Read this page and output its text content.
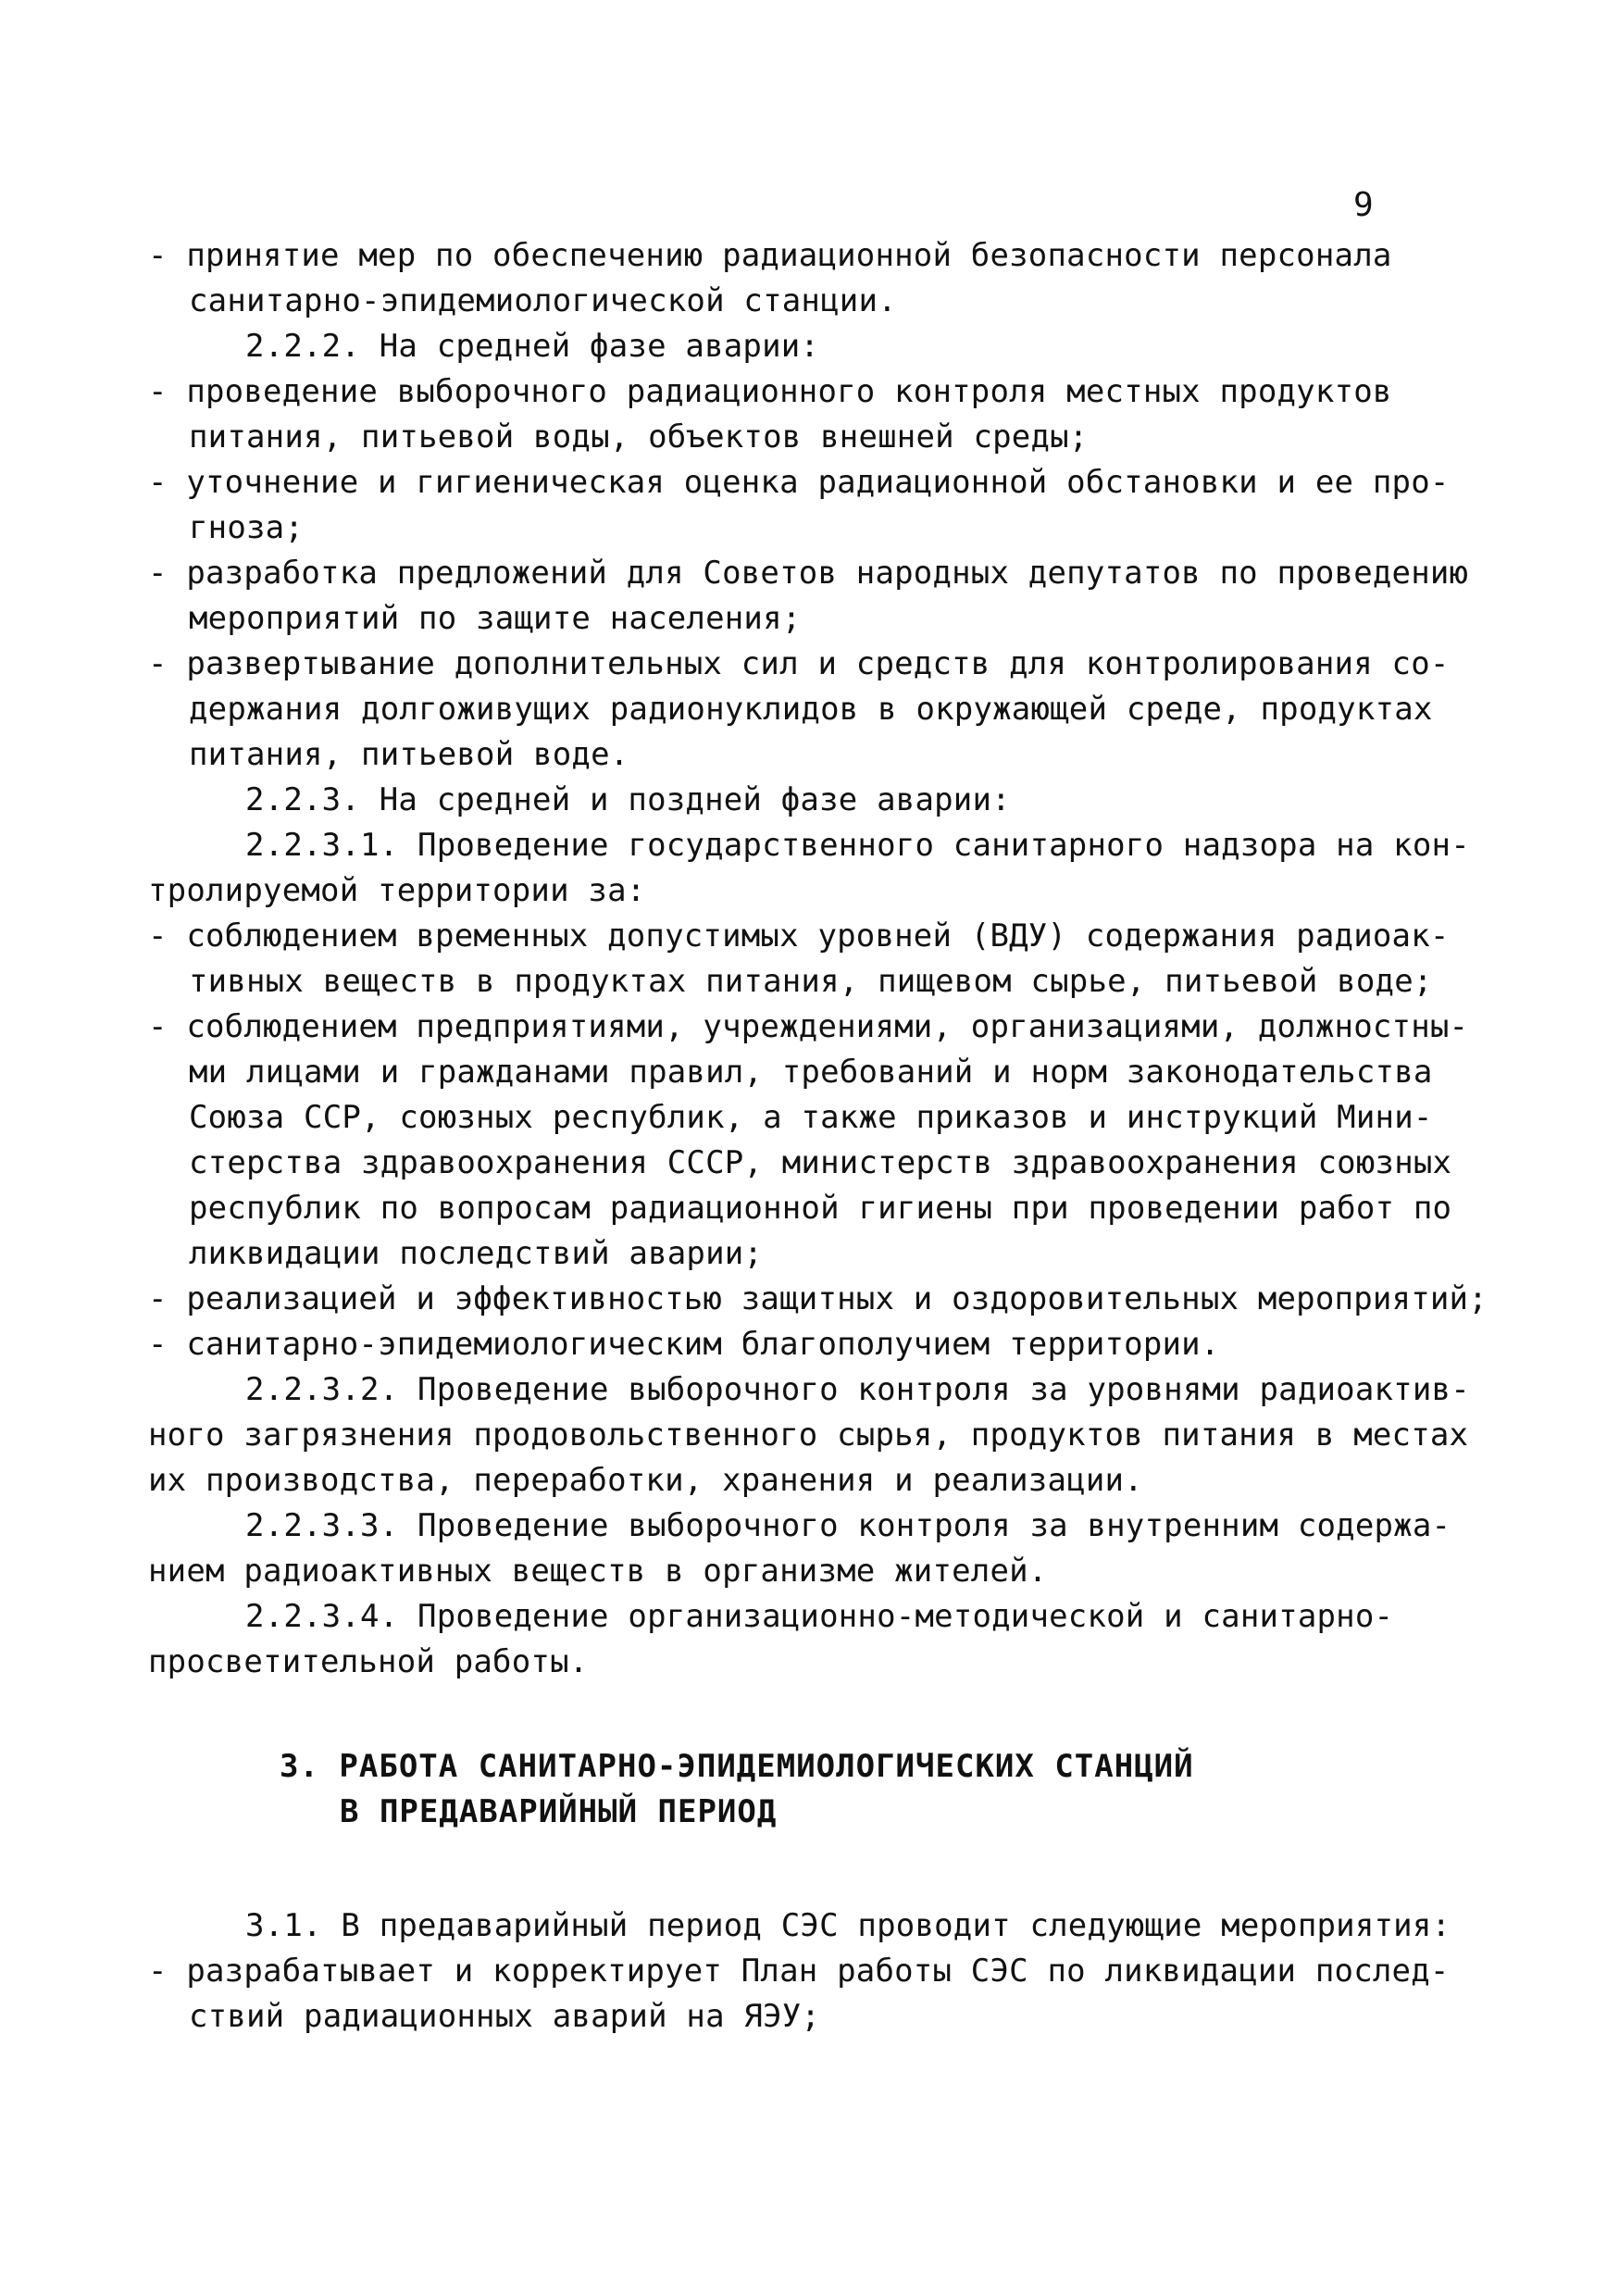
9
- принятие мер по обеспечению радиационной безопасности персонала
санитарно-эпидемиологической станции.
2.2.2. На средней фазе аварии:
- проведение выборочного радиационного контроля местных продуктов
питания, питьевой воды, объектов внешней среды;
- уточнение и гигиеническая оценка радиационной обстановки и ее про-
гноза;
- разработка предложений для Советов народных депутатов по проведению
мероприятий по защите населения;
- развертывание дополнительных сил и средств для контролирования со-
держания долгоживущих радионуклидов в окружающей среде, продуктах
питания, питьевой воде.
2.2.3. На средней и поздней фазе аварии:
2.2.3.1. Проведение государственного санитарного надзора на кон-
тролируемой территории за:
- соблюдением временных допустимых уровней (ВДУ) содержания радиоак-
тивных веществ в продуктах питания, пищевом сырье, питьевой воде;
- соблюдением предприятиями, учреждениями, организациями, должностны-
ми лицами и гражданами правил, требований и норм законодательства
Союза ССР, союзных республик, а также приказов и инструкций Мини-
стерства здравоохранения СССР, министерств здравоохранения союзных
республик по вопросам радиационной гигиены при проведении работ по
ликвидации последствий аварии;
- реализацией и эффективностью защитных и оздоровительных мероприятий;
- санитарно-эпидемиологическим благополучием территории.
2.2.3.2. Проведение выборочного контроля за уровнями радиоактив-
ного загрязнения продовольственного сырья, продуктов питания в местах
их производства, переработки, хранения и реализации.
2.2.3.3. Проведение выборочного контроля за внутренним содержа-
нием радиоактивных веществ в организме жителей.
2.2.3.4. Проведение организационно-методической и санитарно-
просветительной работы.
3. РАБОТА САНИТАРНО-ЭПИДЕМИОЛОГИЧЕСКИХ СТАНЦИЙ
В ПРЕДАВАРИЙНЫЙ ПЕРИОД
3.1. В предаварийный период СЭС проводит следующие мероприятия:
- разрабатывает и корректирует План работы СЭС по ликвидации послед-
ствий радиационных аварий на ЯЭУ;
